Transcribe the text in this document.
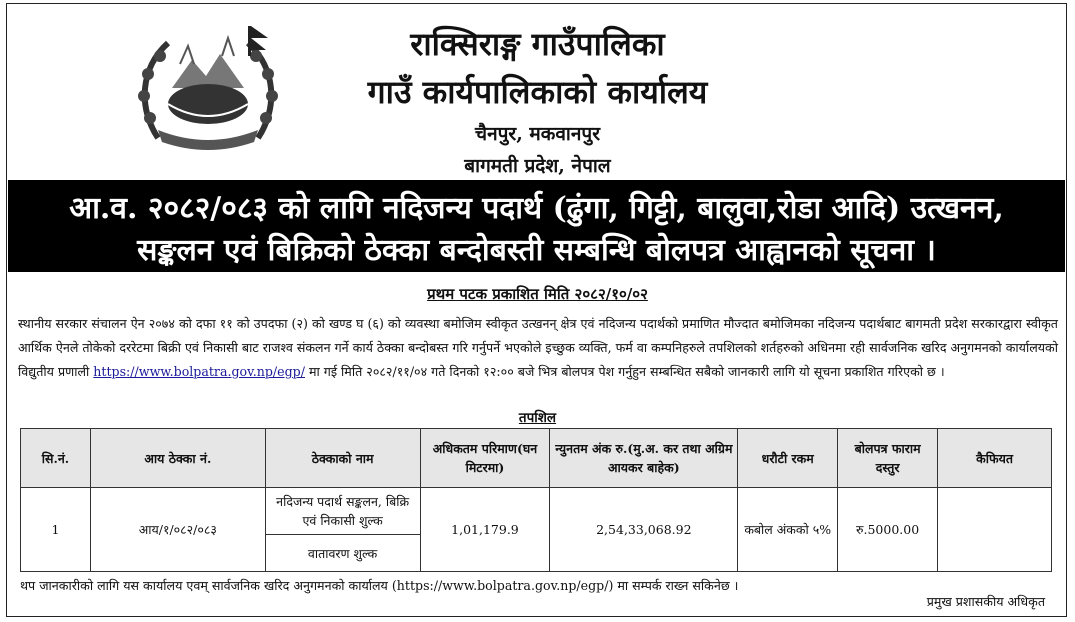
राक्सिराङ्ग गाउँपालिका
गाउँ कार्यपालिकाको कार्यालय
चैनपुर, मकवानपुर
बागमती प्रदेश, नेपाल
आ.व. २०८२/०८३ को लागि नदिजन्य पदार्थ (ढुंगा, गिट्टी, बालुवा,रोडा आदि) उत्खनन,
सङ्कलन एवं बिक्रिको ठेक्का बन्दोबस्ती सम्बन्धि बोलपत्र आह्वानको सूचना ।
प्रथम पटक प्रकाशित मिति २०८२/१०/०२
स्थानीय सरकार संचालन ऐन २०७४ को दफा ११ को उपदफा (२) को खण्ड घ (६) को व्यवस्था बमोजिम स्वीकृत उत्खनन् क्षेत्र एवं नदिजन्य पदार्थको प्रमाणित मौज्दात बमोजिमका नदिजन्य पदार्थबाट बागमती प्रदेश सरकारद्वारा स्वीकृत आर्थिक ऐनले तोकेको दररेटमा बिक्री एवं निकासी बाट राजश्व संकलन गर्ने कार्य ठेक्का बन्दोबस्त गरि गर्नुपर्ने भएकोले इच्छुक व्यक्ति, फर्म वा कम्पनिहरुले तपशिलको शर्तहरुको अधिनमा रही सार्वजनिक खरिद अनुगमनको कार्यालयको विद्युतीय प्रणाली https://www.bolpatra.gov.np/egp/ मा गई मिति २०८२/११/०४ गते दिनको १२:०० बजे भित्र बोलपत्र पेश गर्नुहुन सम्बन्धित सबैको जानकारी लागि यो सूचना प्रकाशित गरिएको छ ।
तपशिल
सि.नं.	आय ठेक्का नं.	ठेक्काको नाम	अधिकतम परिमाण(घन मिटरमा)	न्युनतम अंक रु.(मु.अ. कर तथा अग्रिम आयकर बाहेक)	धरौटी रकम	बोलपत्र फाराम दस्तुर	कैफियत
1	आय/१/०८२/०८३	नदिजन्य पदार्थ सङ्कलन, बिक्रि एवं निकासी शुल्क	1,01,179.9	2,54,33,068.92	कबोल अंकको ५%	रु.5000.00	
		वातावरण शुल्क					
थप जानकारीको लागि यस कार्यालय एवम् सार्वजनिक खरिद अनुगमनको कार्यालय (https://www.bolpatra.gov.np/egp/) मा सम्पर्क राख्न सकिनेछ ।
प्रमुख प्रशासकीय अधिकृत
